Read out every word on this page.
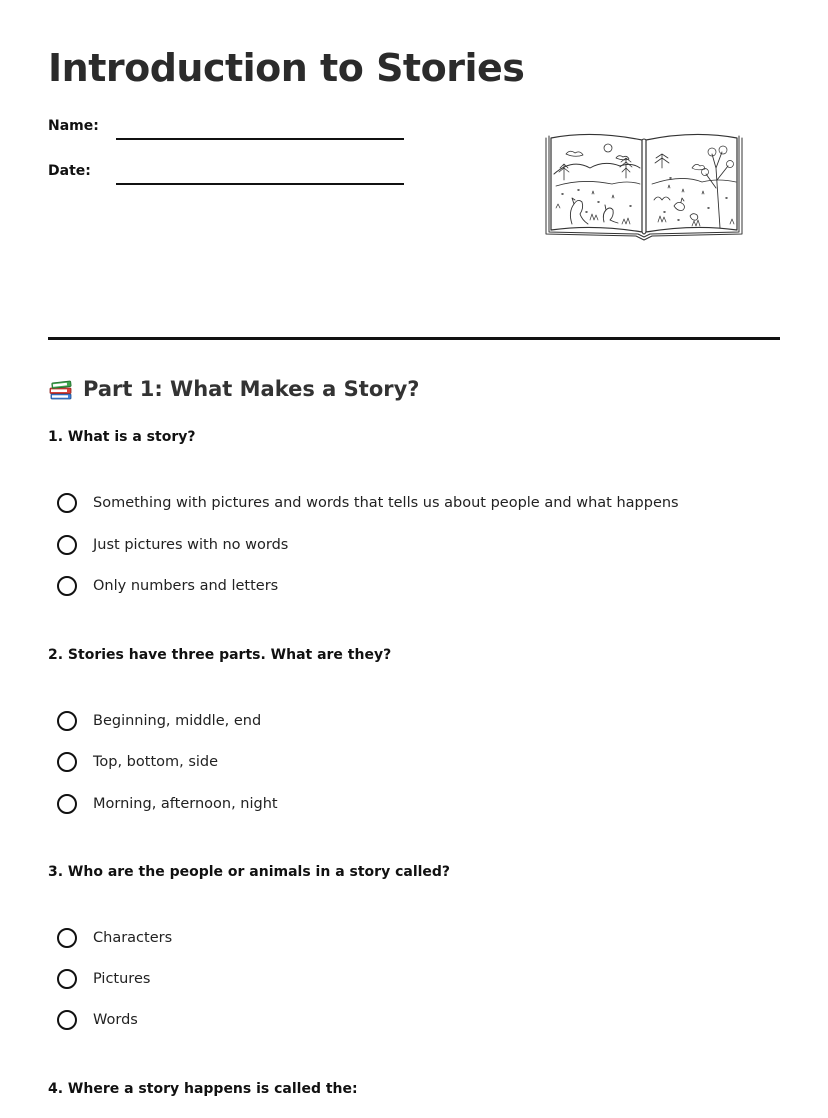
Introduction to Stories
Name:
Date:
Part 1: What Makes a Story?
1. What is a story?
Something with pictures and words that tells us about people and what happens
Just pictures with no words
Only numbers and letters
2. Stories have three parts. What are they?
Beginning, middle, end
Top, bottom, side
Morning, afternoon, night
3. Who are the people or animals in a story called?
Characters
Pictures
Words
4. Where a story happens is called the:
